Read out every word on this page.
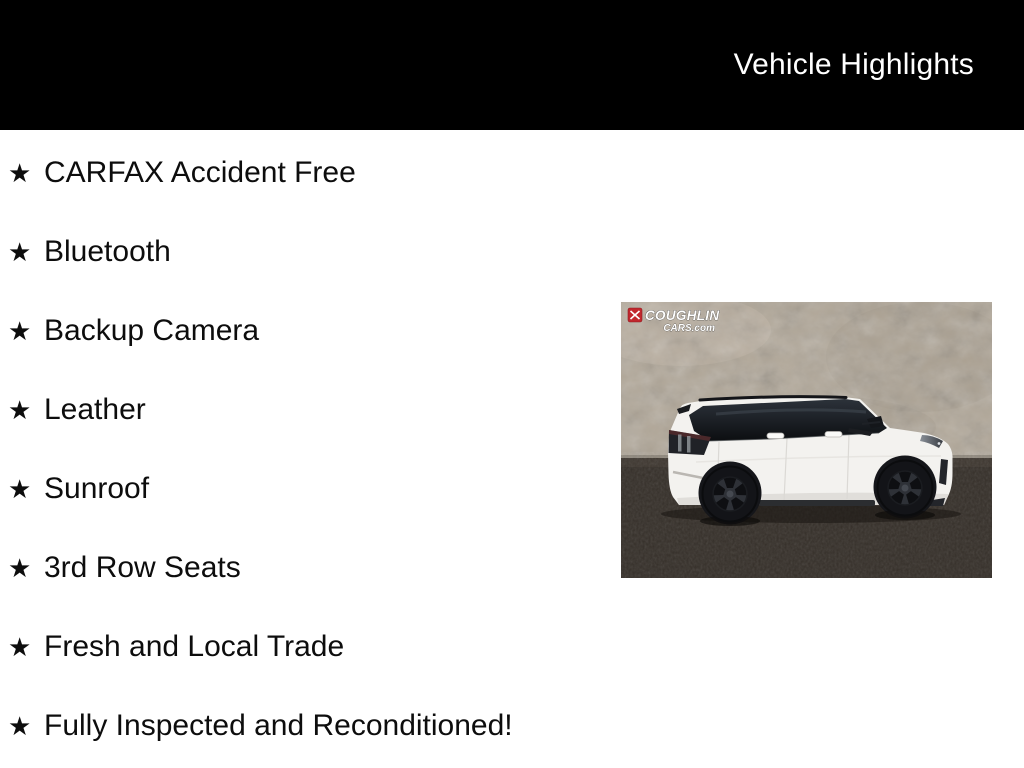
Vehicle Highlights
★ CARFAX Accident Free
★ Bluetooth
★ Backup Camera
★ Leather
★ Sunroof
★ 3rd Row Seats
★ Fresh and Local Trade
★ Fully Inspected and Reconditioned!
COUGHLIN
CARS.com
